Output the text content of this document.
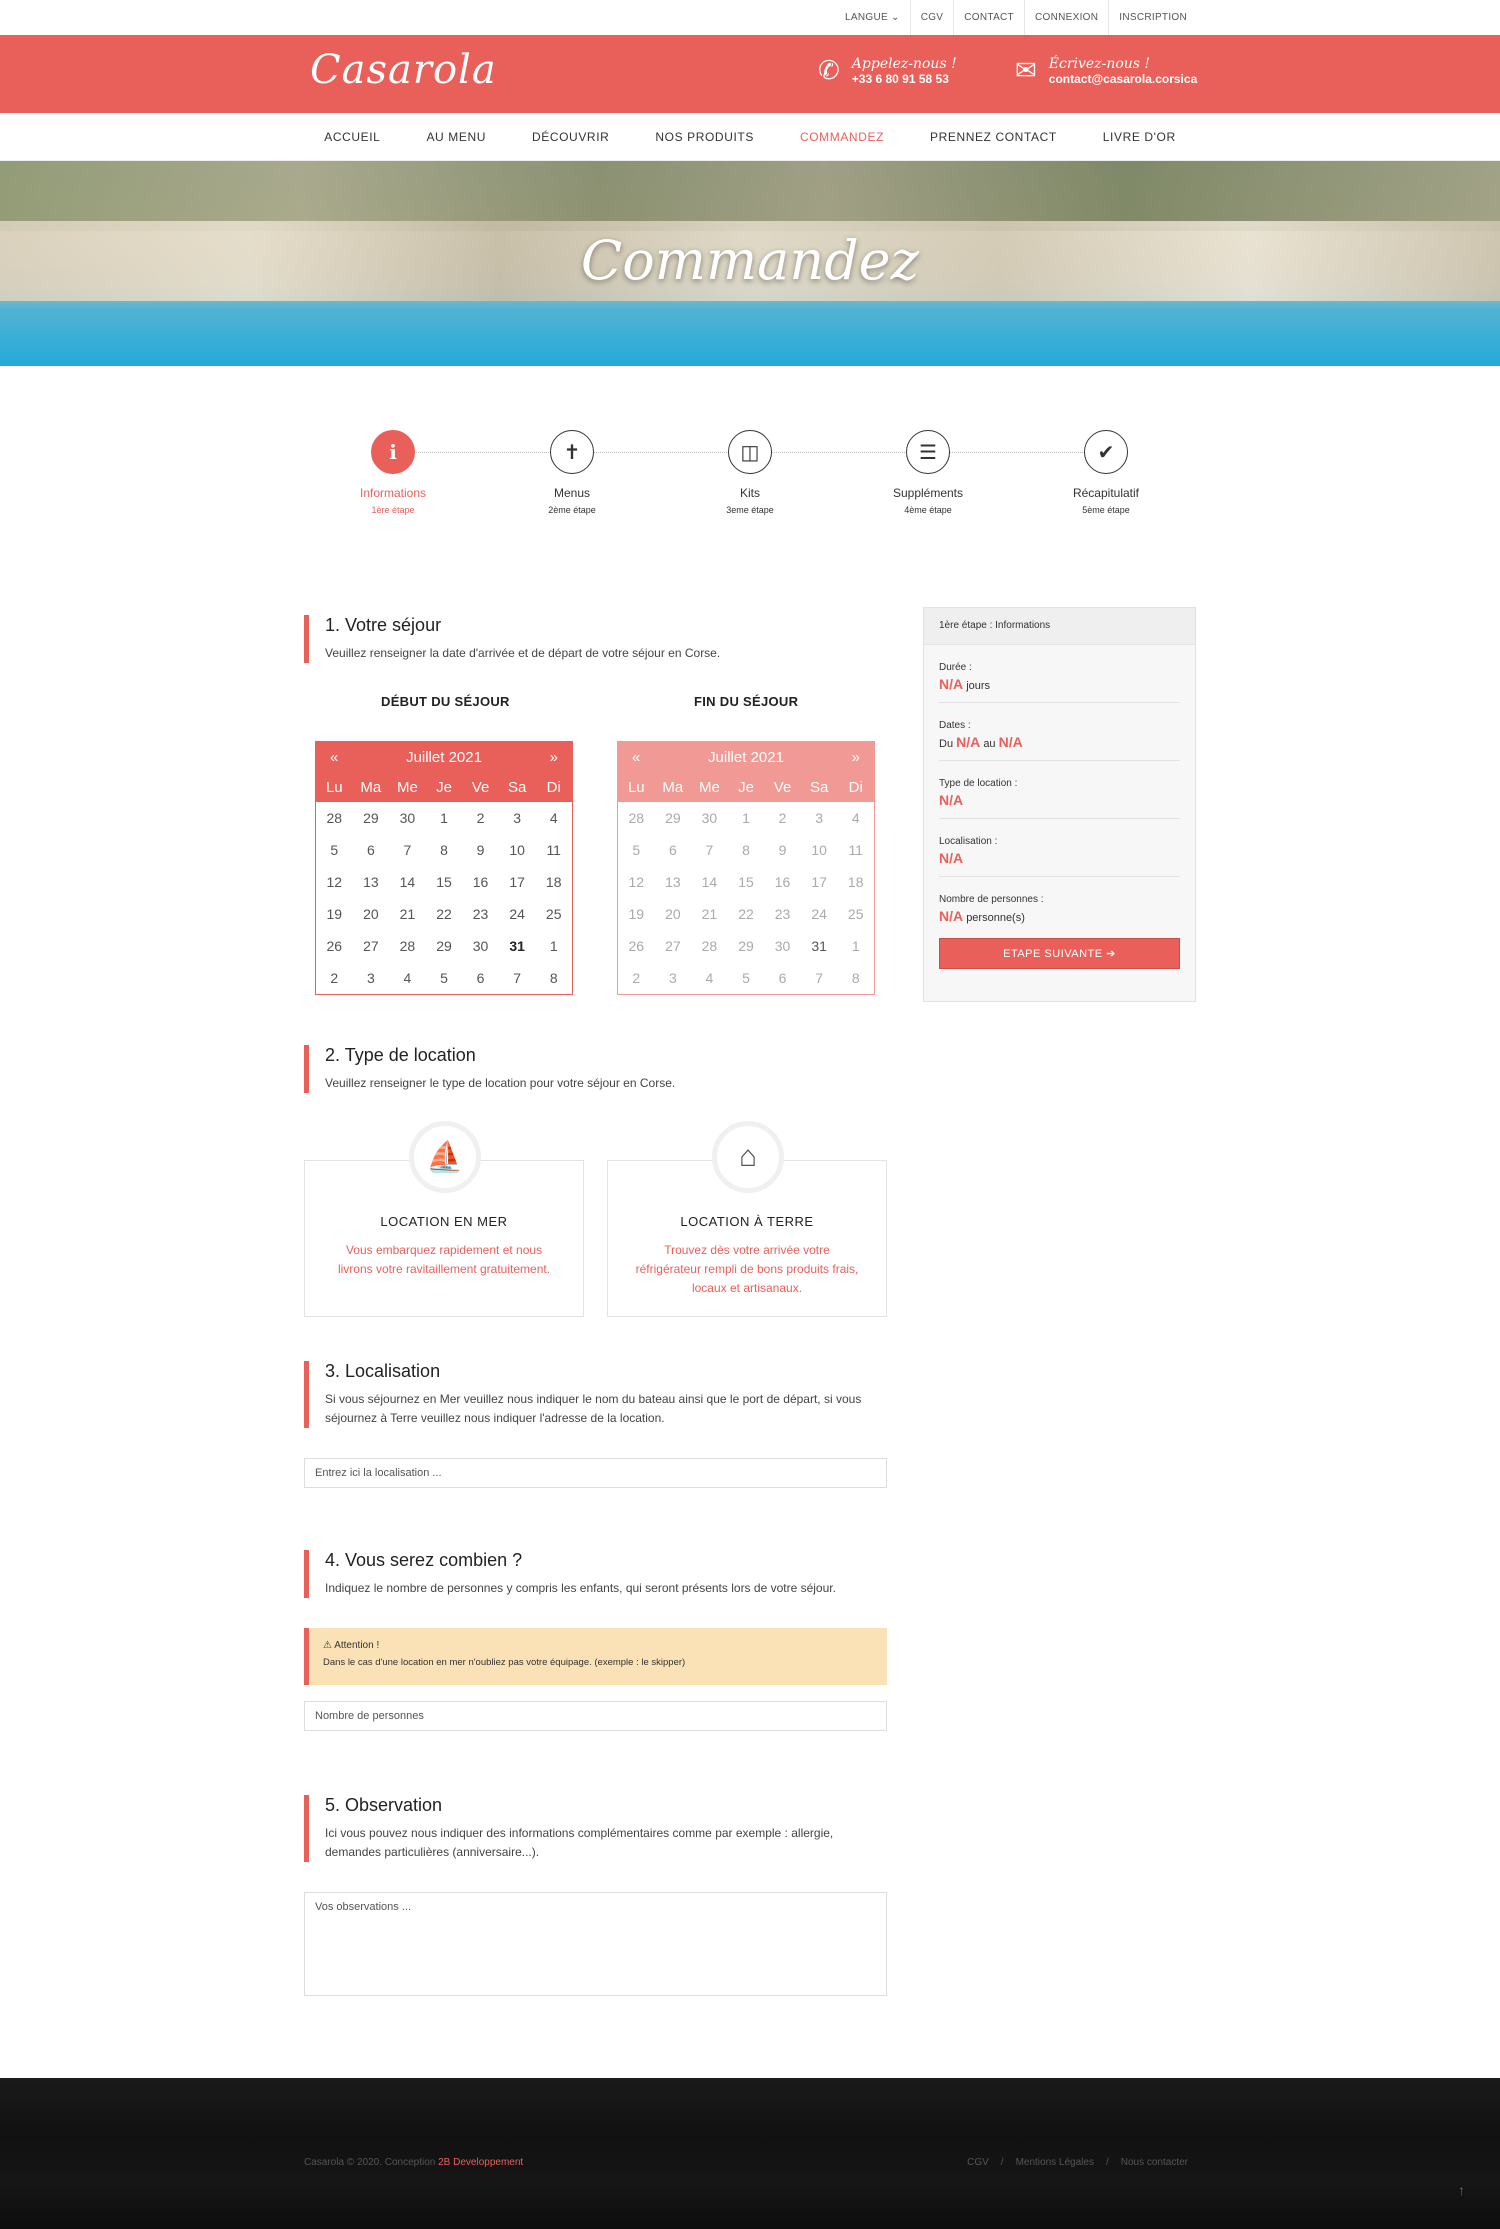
LANGUE ⌄	CGV	CONTACT	CONNEXION	INSCRIPTION
Casarola	✆ Appelez-nous !
+33 6 80 91 58 53	✉ Écrivez-nous !
contact@casarola.corsica
ACCUEIL	AU MENU	DÉCOUVRIR	NOS PRODUITS	COMMANDEZ	PRENNEZ CONTACT	LIVRE D'OR
Commandez
i
Informations
1ère étape
✝
Menus
2ème étape
◫
Kits
3eme étape
☰
Suppléments
4ème étape
✔
Récapitulatif
5ème étape
1. Votre séjour

Veuillez renseigner la date d'arrivée et de départ de votre séjour en Corse.

DÉBUT DU SÉJOUR	FIN DU SÉJOUR
«	Juillet 2021	»
Lu	Ma	Me	Je	Ve	Sa	Di
28	29	30	1	2	3	4
5	6	7	8	9	10	11
12	13	14	15	16	17	18
19	20	21	22	23	24	25
26	27	28	29	30	31	1
2	3	4	5	6	7	8
«	Juillet 2021	»
Lu	Ma	Me	Je	Ve	Sa	Di
28	29	30	1	2	3	4
5	6	7	8	9	10	11
12	13	14	15	16	17	18
19	20	21	22	23	24	25
26	27	28	29	30	31	1
2	3	4	5	6	7	8
1ère étape : Informations
Durée :
N/A jours
Dates :
Du N/A au N/A
Type de location :
N/A
Localisation :
N/A
Nombre de personnes :
N/A personne(s)
ETAPE SUIVANTE ➔
2. Type de location

Veuillez renseigner le type de location pour votre séjour en Corse.

⛵
LOCATION EN MER
Vous embarquez rapidement et nous livrons votre ravitaillement gratuitement.
⌂
LOCATION À TERRE
Trouvez dès votre arrivée votre réfrigérateur rempli de bons produits frais, locaux et artisanaux.
3. Localisation

Si vous séjournez en Mer veuillez nous indiquer le nom du bateau ainsi que le port de départ, si vous séjournez à Terre veuillez nous indiquer l'adresse de la location.

Entrez ici la localisation ...
4. Vous serez combien ?

Indiquez le nombre de personnes y compris les enfants, qui seront présents lors de votre séjour.

⚠ Attention !
Dans le cas d'une location en mer n'oubliez pas votre équipage. (exemple : le skipper)
Nombre de personnes
5. Observation

Ici vous pouvez nous indiquer des informations complémentaires comme par exemple : allergie, demandes particulières (anniversaire...).

Vos observations ...
Casarola © 2020. Conception 2B Developpement	CGV / Mentions Légales / Nous contacter
↑
